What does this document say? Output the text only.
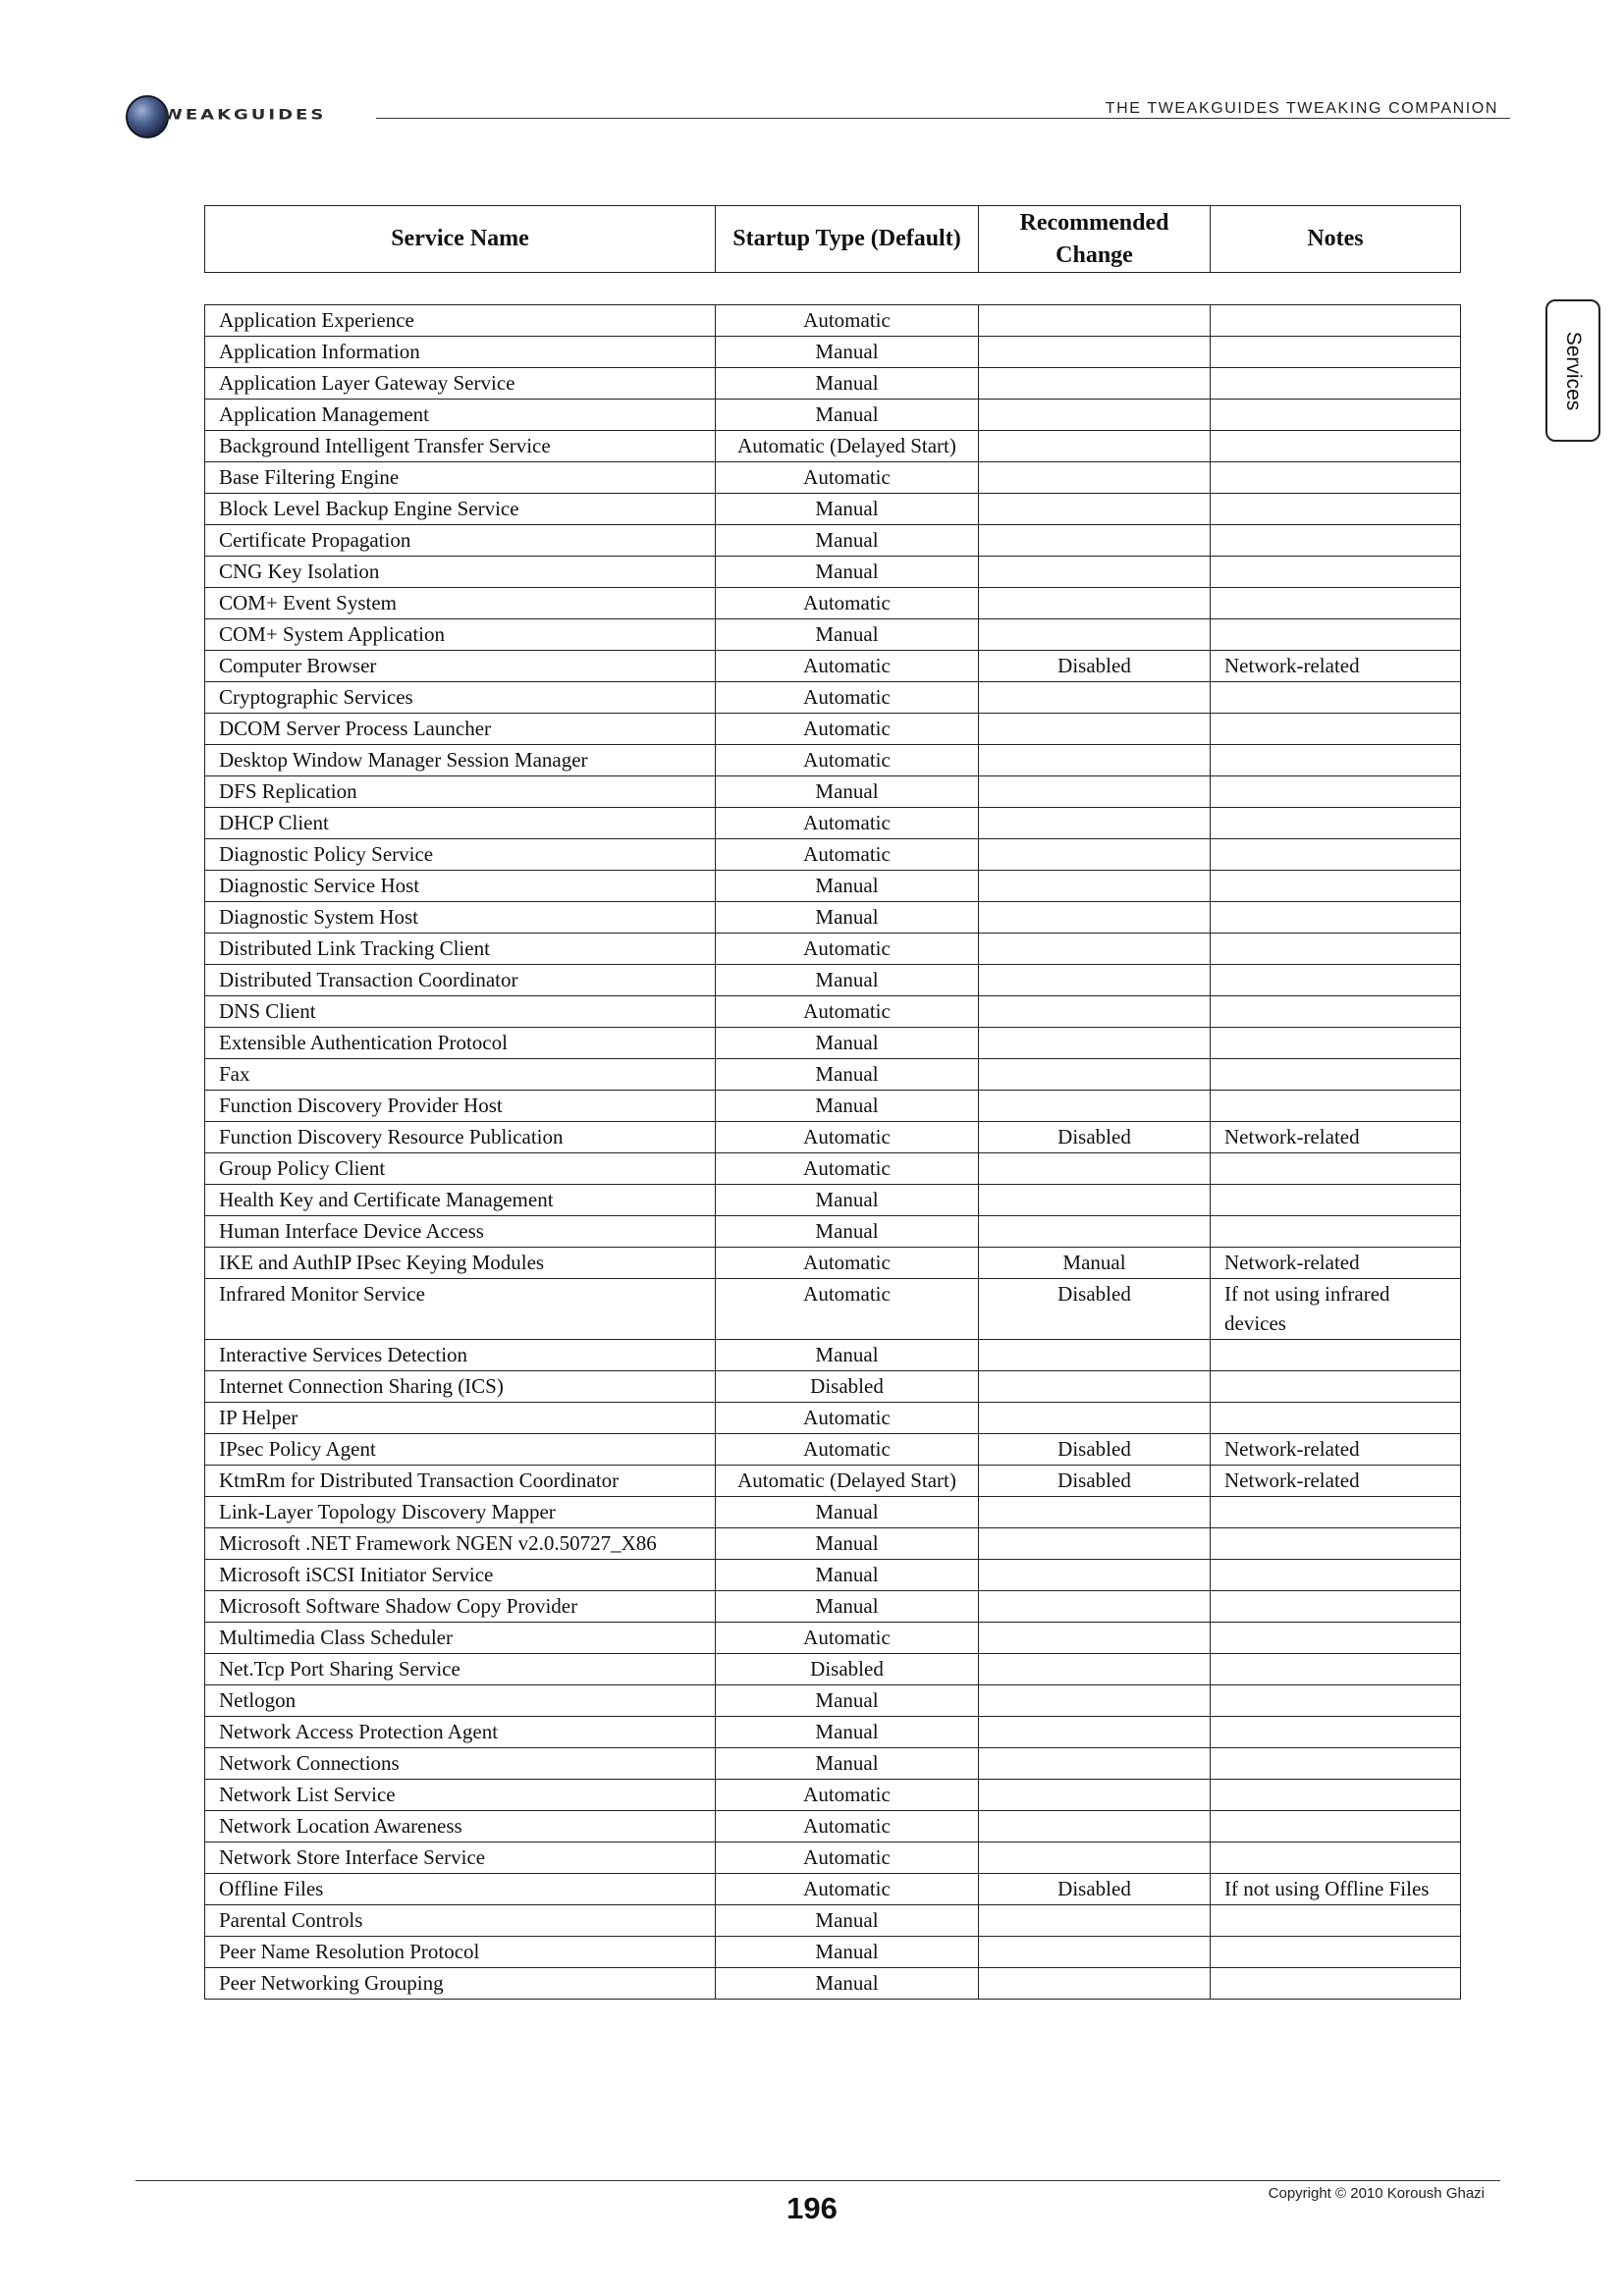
WEAKGUIDES	THE TWEAKGUIDES TWEAKING COMPANION
Services
Service Name	Startup Type (Default)	Recommended Change	Notes
Application Experience	Automatic		
Application Information	Manual		
Application Layer Gateway Service	Manual		
Application Management	Manual		
Background Intelligent Transfer Service	Automatic (Delayed Start)		
Base Filtering Engine	Automatic		
Block Level Backup Engine Service	Manual		
Certificate Propagation	Manual		
CNG Key Isolation	Manual		
COM+ Event System	Automatic		
COM+ System Application	Manual		
Computer Browser	Automatic	Disabled	Network-related
Cryptographic Services	Automatic		
DCOM Server Process Launcher	Automatic		
Desktop Window Manager Session Manager	Automatic		
DFS Replication	Manual		
DHCP Client	Automatic		
Diagnostic Policy Service	Automatic		
Diagnostic Service Host	Manual		
Diagnostic System Host	Manual		
Distributed Link Tracking Client	Automatic		
Distributed Transaction Coordinator	Manual		
DNS Client	Automatic		
Extensible Authentication Protocol	Manual		
Fax	Manual		
Function Discovery Provider Host	Manual		
Function Discovery Resource Publication	Automatic	Disabled	Network-related
Group Policy Client	Automatic		
Health Key and Certificate Management	Manual		
Human Interface Device Access	Manual		
IKE and AuthIP IPsec Keying Modules	Automatic	Manual	Network-related
Infrared Monitor Service	Automatic	Disabled	If not using infrared devices
Interactive Services Detection	Manual		
Internet Connection Sharing (ICS)	Disabled		
IP Helper	Automatic		
IPsec Policy Agent	Automatic	Disabled	Network-related
KtmRm for Distributed Transaction Coordinator	Automatic (Delayed Start)	Disabled	Network-related
Link-Layer Topology Discovery Mapper	Manual		
Microsoft .NET Framework NGEN v2.0.50727_X86	Manual		
Microsoft iSCSI Initiator Service	Manual		
Microsoft Software Shadow Copy Provider	Manual		
Multimedia Class Scheduler	Automatic		
Net.Tcp Port Sharing Service	Disabled		
Netlogon	Manual		
Network Access Protection Agent	Manual		
Network Connections	Manual		
Network List Service	Automatic		
Network Location Awareness	Automatic		
Network Store Interface Service	Automatic		
Offline Files	Automatic	Disabled	If not using Offline Files
Parental Controls	Manual		
Peer Name Resolution Protocol	Manual		
Peer Networking Grouping	Manual		
Copyright © 2010 Koroush Ghazi
196
